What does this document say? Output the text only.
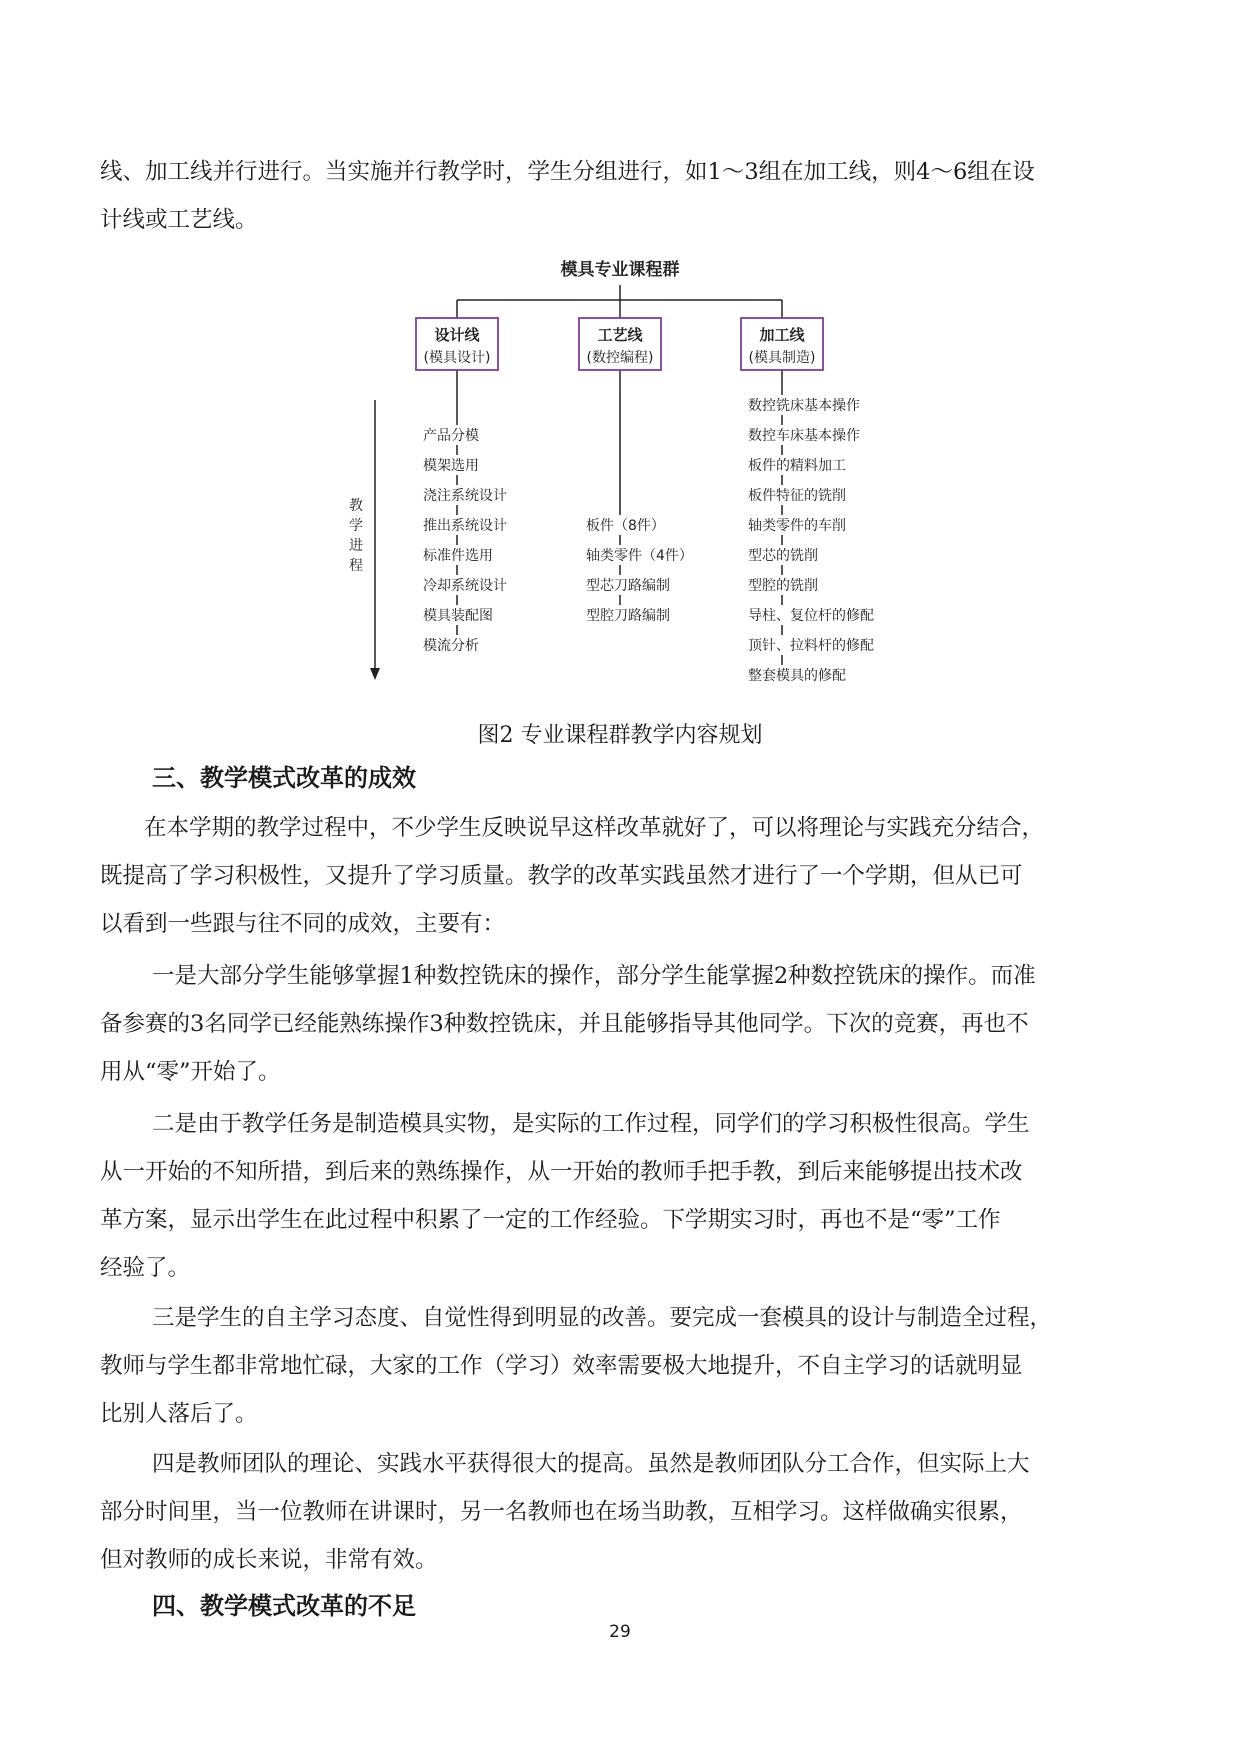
线、加工线并行进行。当实施并行教学时，学生分组进行，如1～3组在加工线，则4～6组在设
计线或工艺线。
模具专业课程群
设计线
(模具设计)
产品分模
模架选用
浇注系统设计
推出系统设计
标准件选用
冷却系统设计
模具装配图
模流分析
工艺线
(数控编程)
板件（8件）
轴类零件（4件）
型芯刀路编制
型腔刀路编制
加工线
(模具制造)
数控铣床基本操作
数控车床基本操作
板件的精料加工
板件特征的铣削
轴类零件的车削
型芯的铣削
型腔的铣削
导柱、复位杆的修配
顶针、拉料杆的修配
整套模具的修配
教
学
进
程

图2 专业课程群教学内容规划

三、教学模式改革的成效
在本学期的教学过程中，不少学生反映说早这样改革就好了，可以将理论与实践充分结合，
既提高了学习积极性，又提升了学习质量。教学的改革实践虽然才进行了一个学期，但从已可
以看到一些跟与往不同的成效，主要有：
一是大部分学生能够掌握1种数控铣床的操作，部分学生能掌握2种数控铣床的操作。而准
备参赛的3名同学已经能熟练操作3种数控铣床，并且能够指导其他同学。下次的竞赛，再也不
用从“零”开始了。
二是由于教学任务是制造模具实物，是实际的工作过程，同学们的学习积极性很高。学生
从一开始的不知所措，到后来的熟练操作，从一开始的教师手把手教，到后来能够提出技术改
革方案，显示出学生在此过程中积累了一定的工作经验。下学期实习时，再也不是“零”工作
经验了。
三是学生的自主学习态度、自觉性得到明显的改善。要完成一套模具的设计与制造全过程，
教师与学生都非常地忙碌，大家的工作（学习）效率需要极大地提升，不自主学习的话就明显
比别人落后了。
四是教师团队的理论、实践水平获得很大的提高。虽然是教师团队分工合作，但实际上大
部分时间里，当一位教师在讲课时，另一名教师也在场当助教，互相学习。这样做确实很累，
但对教师的成长来说，非常有效。
四、教学模式改革的不足
29
